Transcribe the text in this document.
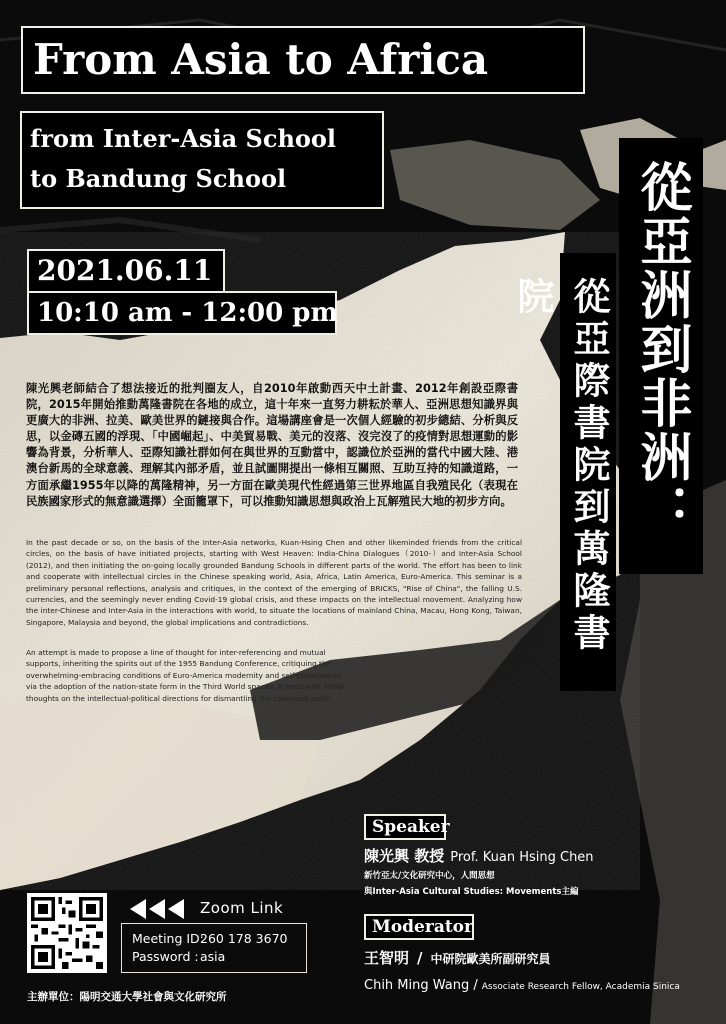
From Asia to Africa
from Inter-Asia School
to Bandung School
2021.06.11
10:10 am - 12:00 pm	從亞洲到非洲：
從亞際書院到萬隆書院

陳光興老師結合了想法接近的批判圈友人，自2010年啟動西天中土計畫、2012年創設亞際書院，2015年開始推動萬隆書院在各地的成立，這十年來一直努力耕耘於華人、亞洲思想知識界與更廣大的非洲、拉美、歐美世界的鏈接與合作。這場講座會是一次個人經驗的初步總結、分析與反思，以金磚五國的浮現、「中國崛起」、中美貿易戰、美元的沒落、沒完沒了的疫情對思想運動的影響為背景，分析華人、亞際知識社群如何在與世界的互動當中，認識位於亞洲的當代中國大陸、港澳台新馬的全球意義、理解其內部矛盾，並且試圖開提出一條相互關照、互助互持的知識道路，一方面承繼1955年以降的萬隆精神，另一方面在歐美現代性經過第三世界地區自我殖民化（表現在民族國家形式的無意識選擇）全面籠罩下，可以推動知識思想與政治上瓦解殖民大地的初步方向。

In the past decade or so, on the basis of the Inter-Asia networks, Kuan-Hsing Chen and other likeminded friends from the critical circles, on the basis of have initiated projects, starting with West Heaven: India-China Dialogues（2010-）and Inter-Asia School (2012), and then initiating the on-going locally grounded Bandung Schools in different parts of the world. The effort has been to link and cooperate with intellectual circles in the Chinese speaking world, Asia, Africa, Latin America, Euro-America. This seminar is a preliminary personal reflections, analysis and critiques, in the context of the emerging of BRICKS, "Rise of China", the falling U.S. currencies, and the seemingly never ending Covid-19 global crisis, and these impacts on the intellectual movement. Analyzing how the inter-Chinese and Inter-Asia in the interactions with world, to situate the locations of mainland China, Macau, Hong Kong, Taiwan, Singapore, Malaysia and beyond, the global implications and contradictions.

An attempt is made to propose a line of thought for inter-referencing and mutual supports, inheriting the spirits out of the 1955 Bandung Conference, critiquing the overwhelming-embracing conditions of Euro-America modernity and self-colonization via the adoption of the nation-state form in the Third World spaces. It ends with initial thoughts on the intellectual-political directions for dismantling the colonized earth.

Speaker
陳光興 教授 Prof. Kuan Hsing Chen
新竹亞太/文化研究中心，人間思想
與Inter-Asia Cultural Studies: Movements主編
Moderator
王智明 / 中研院歐美所副研究員
Chih Ming Wang / Associate Research Fellow, Academia Sinica
Zoom Link
Meeting ID:260 178 3670
Password :asia
主辦單位：陽明交通大學社會與文化研究所
